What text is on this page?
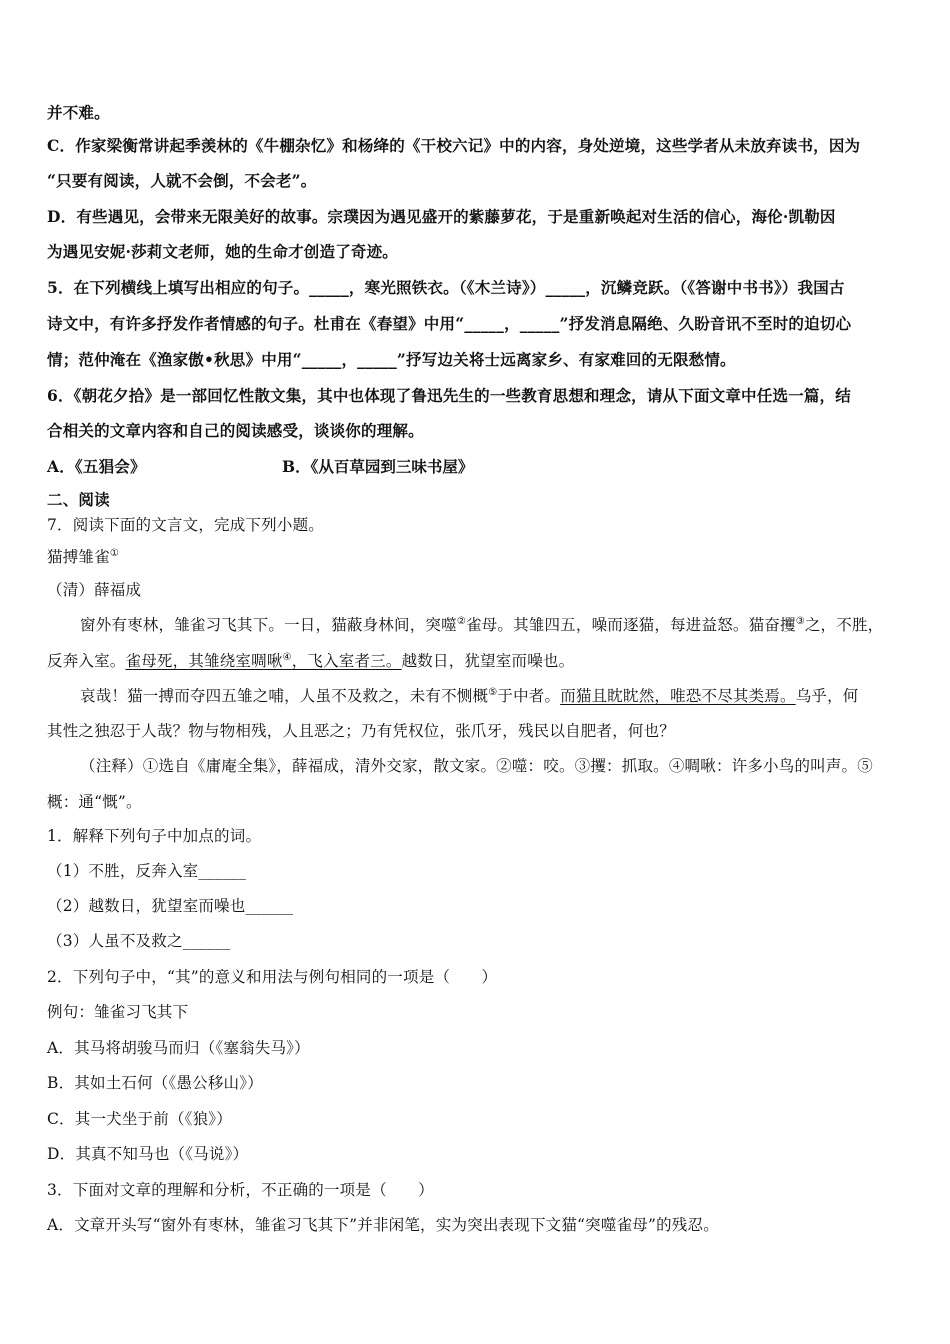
并不难。
C．作家梁衡常讲起季羡林的《牛棚杂忆》和杨绛的《干校六记》中的内容，身处逆境，这些学者从未放弃读书，因为
“只要有阅读，人就不会倒，不会老”。
D．有些遇见，会带来无限美好的故事。宗璞因为遇见盛开的紫藤萝花，于是重新唤起对生活的信心，海伦·凯勒因
为遇见安妮·莎莉文老师，她的生命才创造了奇迹。
5．在下列横线上填写出相应的句子。_____，寒光照铁衣。（《木兰诗》）_____，沉鳞竞跃。（《答谢中书书》）我国古
诗文中，有许多抒发作者情感的句子。杜甫在《春望》中用“_____，_____”抒发消息隔绝、久盼音讯不至时的迫切心
情；范仲淹在《渔家傲•秋思》中用“_____，_____”抒写边关将士远离家乡、有家难回的无限愁情。
6．《朝花夕拾》是一部回忆性散文集，其中也体现了鲁迅先生的一些教育思想和理念，请从下面文章中任选一篇，结
合相关的文章内容和自己的阅读感受，谈谈你的理解。
A．《五猖会》	B．《从百草园到三味书屋》
二、阅读
7．阅读下面的文言文，完成下列小题。
猫搏雏雀①
（清）薛福成
窗外有枣林，雏雀习飞其下。一日，猫蔽身林间，突噬②雀母。其雏四五，噪而逐猫，每进益怒。猫奋攫③之，不胜，
反奔入室。雀母死，其雏绕室啁啾④，飞入室者三。越数日，犹望室而噪也。
哀哉！猫一搏而夺四五雏之哺，人虽不及救之，未有不恻概⑤于中者。而猫且眈眈然，唯恐不尽其类焉。乌乎，何
其性之独忍于人哉？物与物相残，人且恶之；乃有凭权位，张爪牙，残民以自肥者，何也？
（注释）①选自《庸庵全集》，薛福成，清外交家，散文家。②噬：咬。③攫：抓取。④啁啾：许多小鸟的叫声。⑤
概：通“慨”。
1．解释下列句子中加点的词。
（1）不胜，反奔入室______
（2）越数日，犹望室而噪也______
（3）人虽不及救之______
2．下列句子中，“其”的意义和用法与例句相同的一项是（　　）
例句：雏雀习飞其下
A．其马将胡骏马而归（《塞翁失马》）
B．其如土石何（《愚公移山》）
C．其一犬坐于前（《狼》）
D．其真不知马也（《马说》）
3．下面对文章的理解和分析，不正确的一项是（　　）
A．文章开头写“窗外有枣林，雏雀习飞其下”并非闲笔，实为突出表现下文猫“突噬雀母”的残忍。
